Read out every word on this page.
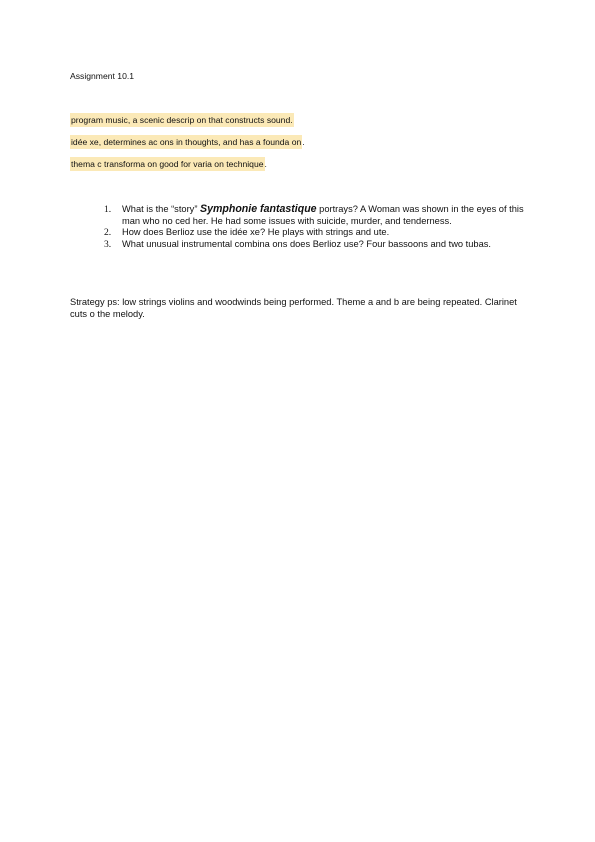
Assignment 10.1
program music, a scenic descrip on that constructs sound.
idée xe, determines ac ons in thoughts, and has a founda on.
thema c transforma on good for varia on technique.
1. What is the “story” Symphonie fantastique portrays? A Woman was shown in the eyes of this man who no ced her. He had some issues with suicide, murder, and tenderness.
2. How does Berlioz use the idée xe? He plays with strings and ute.
3. What unusual instrumental combina ons does Berlioz use? Four bassoons and two tubas.

Strategy ps: low strings violins and woodwinds being performed. Theme a and b are being repeated. Clarinet cuts o the melody.
